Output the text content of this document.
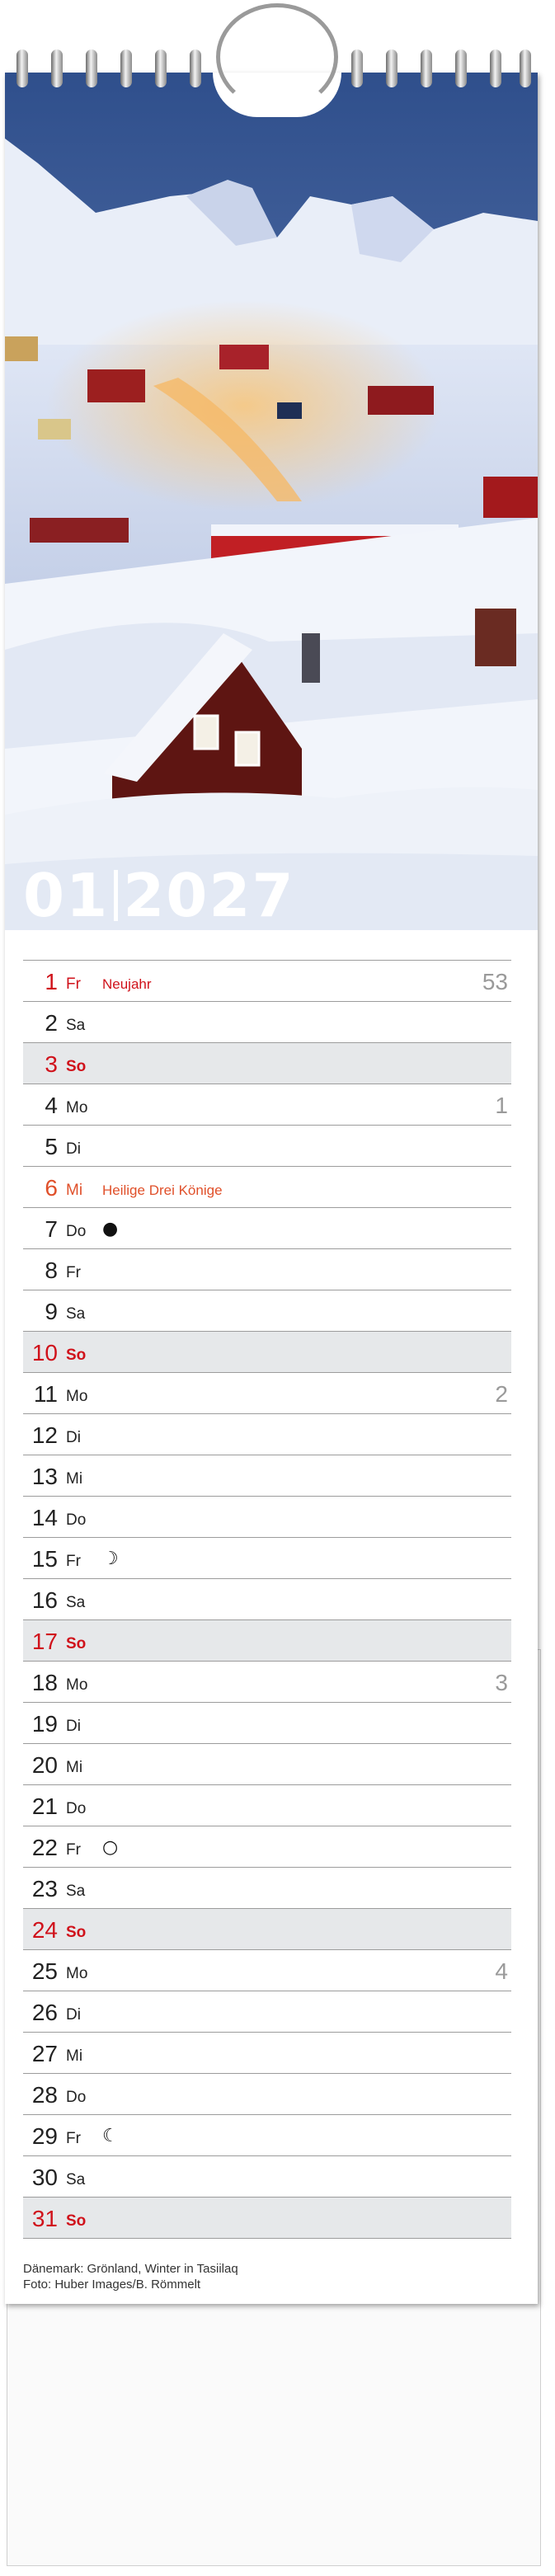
01 2027
1 Fr Neujahr	53
2 Sa
3 So
4 Mo	1
5 Di
6 Mi Heilige Drei Könige
7 Do ●
8 Fr
9 Sa
10 So
11 Mo	2
12 Di
13 Mi
14 Do
15 Fr ☽
16 Sa
17 So
18 Mo	3
19 Di
20 Mi
21 Do
22 Fr ○
23 Sa
24 So
25 Mo	4
26 Di
27 Mi
28 Do
29 Fr ☾
30 Sa
31 So
Dänemark: Grönland, Winter in Tasiilaq
Foto: Huber Images/B. Römmelt
